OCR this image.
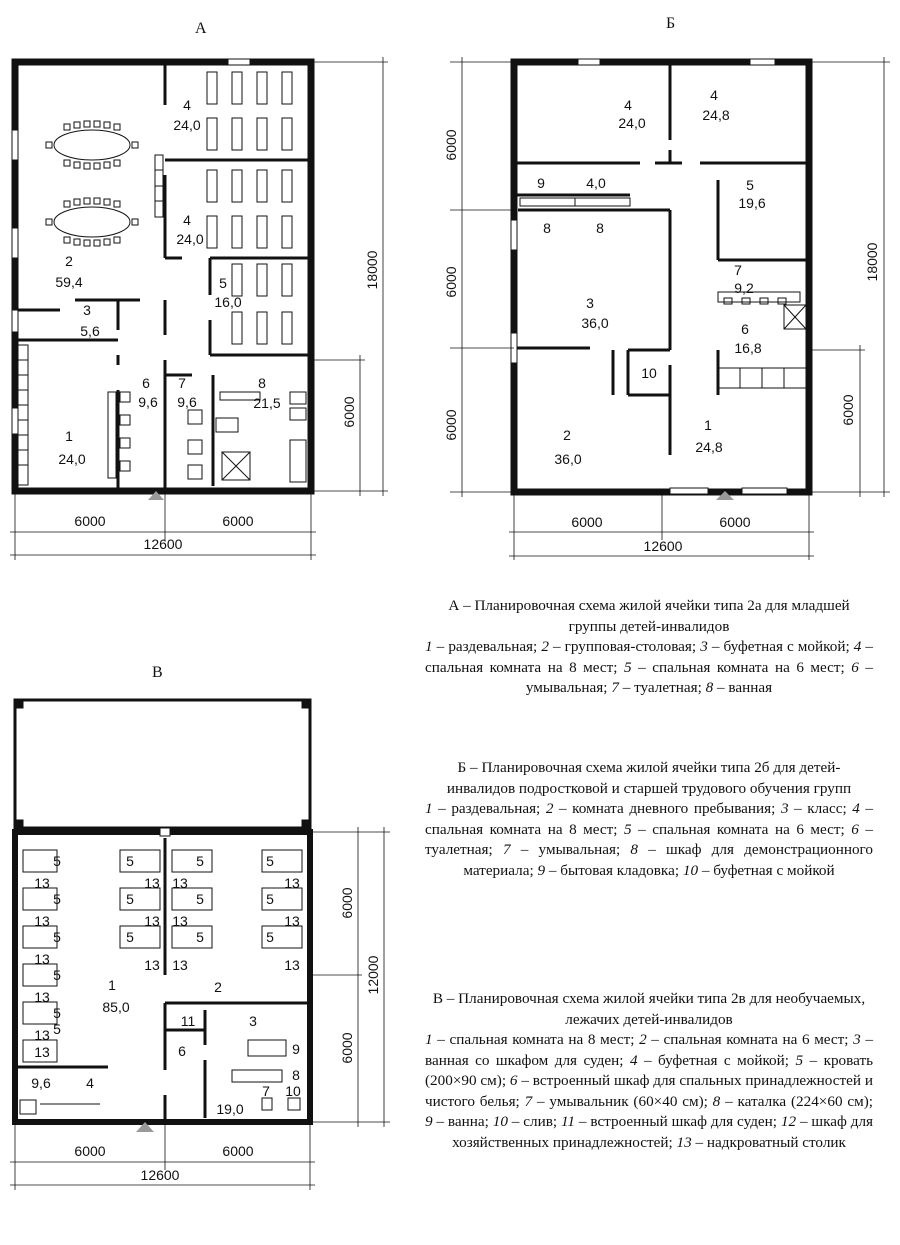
А	Б
В
4
24,0
2
59,4
4
24,0
5
16,0
3
5,6
6
9,6
7
9,6
8
21,5
1
24,0
6000	6000
12600
18000
6000
4
24,0
4
24,8
9	4,0	5
19,6
8	8
3
36,0
7
9,2
6
16,8
10
2
36,0
1
24,8
6000	6000
12600
18000
6000
6000
6000
6000
5
5
5
5
5
5
13
13
13
13
13
13
5
5
5
13
13
13
5
5
5
13
13
13
5
5
5
13
13
13
1
85,0
2
3
4
9,6
19,0
11
6	9
8
10
7
6000	6000
12600
12000
6000
6000

А – Планировочная схема жилой ячейки типа 2а для младшей группы детей-инвалидов
1 – раздевальная; 2 – групповая-столовая; 3 – буфетная с мойкой; 4 – спальная комната на 8 мест; 5 – спальная комната на 6 мест; 6 – умывальная; 7 – туалетная; 8 – ванная

Б – Планировочная схема жилой ячейки типа 2б для детей-инвалидов подростковой и старшей трудового обучения групп
1 – раздевальная; 2 – комната дневного пребывания; 3 – класс; 4 – спальная комната на 8 мест; 5 – спальная комната на 6 мест; 6 – туалетная; 7 – умывальная; 8 – шкаф для демонстрационного материала; 9 – бытовая кладовка; 10 – буфетная с мойкой

В – Планировочная схема жилой ячейки типа 2в для необучаемых, лежачих детей-инвалидов
1 – спальная комната на 8 мест; 2 – спальная комната на 6 мест; 3 – ванная со шкафом для суден; 4 – буфетная с мойкой; 5 – кровать (200×90 см); 6 – встроенный шкаф для спальных принадлежностей и чистого белья; 7 – умывальник (60×40 см); 8 – каталка (224×60 см); 9 – ванна; 10 – слив; 11 – встроенный шкаф для суден; 12 – шкаф для хозяйственных принадлежностей; 13 – надкроватный столик
